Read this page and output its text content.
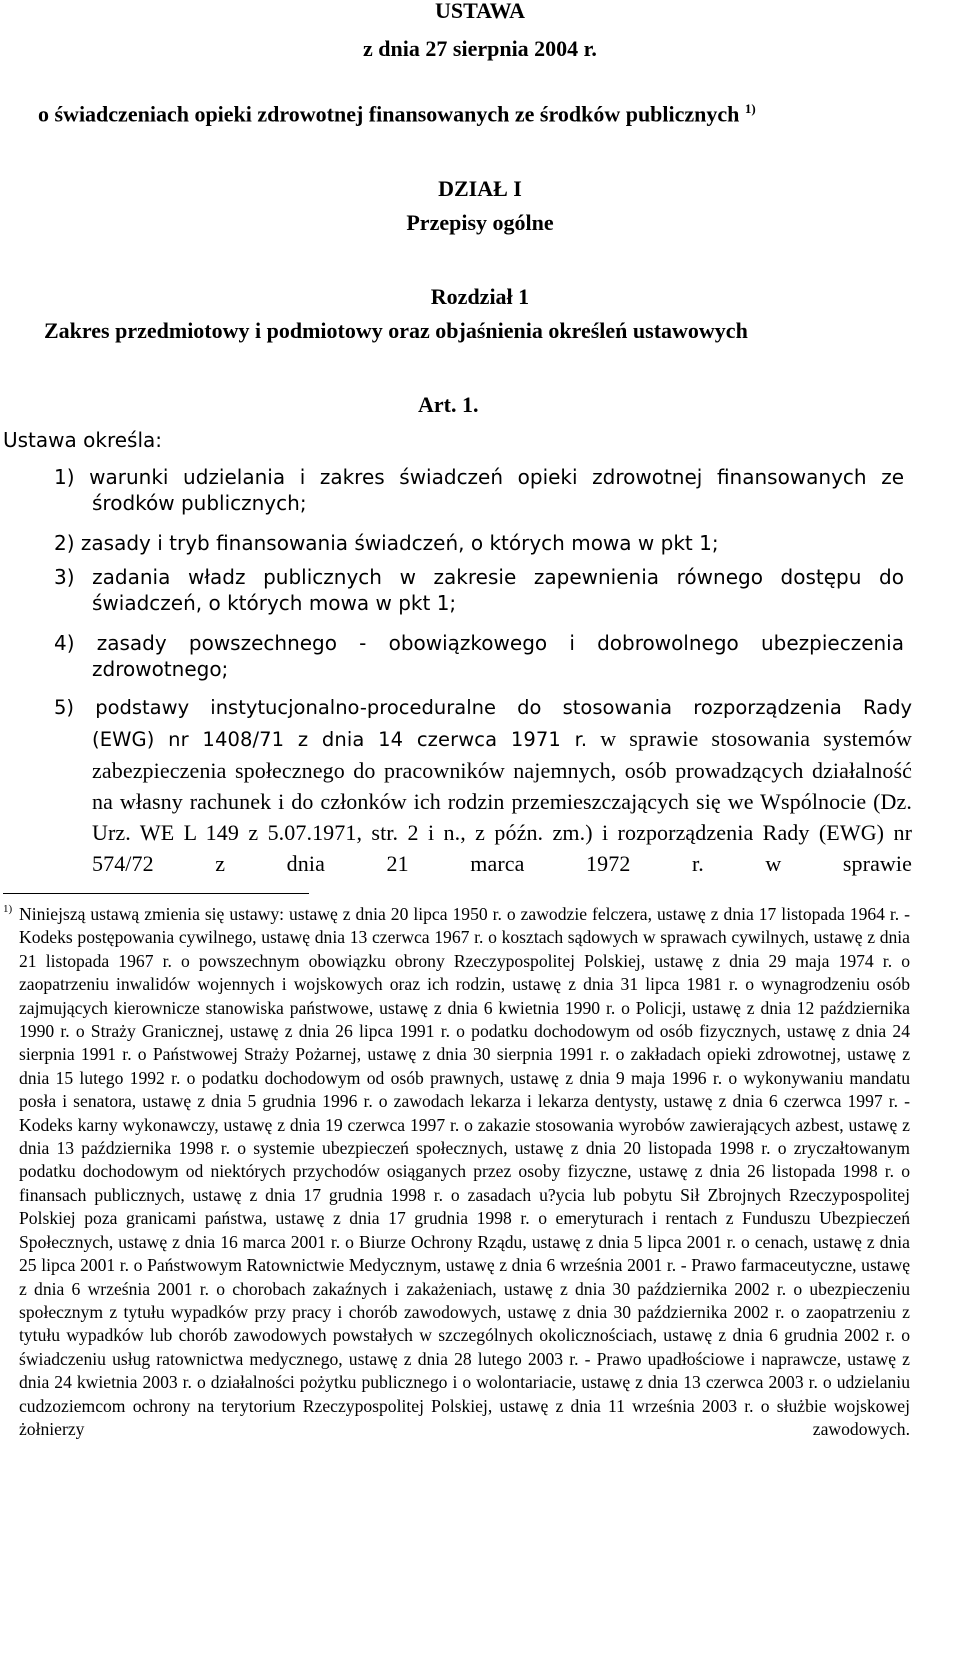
USTAWA
z dnia 27 sierpnia 2004 r.
o świadczeniach opieki zdrowotnej finansowanych ze środków publicznych $^{1)}$
DZIAŁ I
Przepisy ogólne
Rozdział 1
Zakres przedmiotowy i podmiotowy oraz objaśnienia określeń ustawowych
Art. 1.
Ustawa określa:
1) warunki udzielania i zakres świadczeń opieki zdrowotnej finansowanych ze środków publicznych;
2) zasady i tryb finansowania świadczeń, o których mowa w pkt 1;
3) zadania władz publicznych w zakresie zapewnienia równego dostępu do świadczeń, o których mowa w pkt 1;
4) zasady powszechnego - obowiązkowego i dobrowolnego ubezpieczenia zdrowotnego;
5) podstawy instytucjonalno-proceduralne do stosowania rozporządzenia Rady
(EWG) nr 1408/71 z dnia 14 czerwca 1971 r. w sprawie stosowania systemów zabezpieczenia społecznego do pracowników najemnych, osób prowadzących działalność na własny rachunek i do członków ich rodzin przemieszczających się we Wspólnocie (Dz. Urz. WE L 149 z 5.07.1971, str. 2 i n., z późn. zm.) i rozporządzenia Rady (EWG) nr 574/72 z dnia 21 marca 1972 r. w sprawie
1) Niniejszą ustawą zmienia się ustawy: ustawę z dnia 20 lipca 1950 r. o zawodzie felczera, ustawę z dnia 17 listopada 1964 r. - Kodeks postępowania cywilnego, ustawę dnia 13 czerwca 1967 r. o kosztach sądowych w sprawach cywilnych, ustawę z dnia 21 listopada 1967 r. o powszechnym obowiązku obrony Rzeczypospolitej Polskiej, ustawę z dnia 29 maja 1974 r. o zaopatrzeniu inwalidów wojennych i wojskowych oraz ich rodzin, ustawę z dnia 31 lipca 1981 r. o wynagrodzeniu osób zajmujących kierownicze stanowiska państwowe, ustawę z dnia 6 kwietnia 1990 r. o Policji, ustawę z dnia 12 października 1990 r. o Straży Granicznej, ustawę z dnia 26 lipca 1991 r. o podatku dochodowym od osób fizycznych, ustawę z dnia 24 sierpnia 1991 r. o Państwowej Straży Pożarnej, ustawę z dnia 30 sierpnia 1991 r. o zakładach opieki zdrowotnej, ustawę z dnia 15 lutego 1992 r. o podatku dochodowym od osób prawnych, ustawę z dnia 9 maja 1996 r. o wykonywaniu mandatu posła i senatora, ustawę z dnia 5 grudnia 1996 r. o zawodach lekarza i lekarza dentysty, ustawę z dnia 6 czerwca 1997 r. - Kodeks karny wykonawczy, ustawę z dnia 19 czerwca 1997 r. o zakazie stosowania wyrobów zawierających azbest, ustawę z dnia 13 października 1998 r. o systemie ubezpieczeń społecznych, ustawę z dnia 20 listopada 1998 r. o zryczałtowanym podatku dochodowym od niektórych przychodów osiąganych przez osoby fizyczne, ustawę z dnia 26 listopada 1998 r. o finansach publicznych, ustawę z dnia 17 grudnia 1998 r. o zasadach u?ycia lub pobytu Sił Zbrojnych Rzeczypospolitej Polskiej poza granicami państwa, ustawę z dnia 17 grudnia 1998 r. o emeryturach i rentach z Funduszu Ubezpieczeń Społecznych, ustawę z dnia 16 marca 2001 r. o Biurze Ochrony Rządu, ustawę z dnia 5 lipca 2001 r. o cenach, ustawę z dnia 25 lipca 2001 r. o Państwowym Ratownictwie Medycznym, ustawę z dnia 6 września 2001 r. - Prawo farmaceutyczne, ustawę z dnia 6 września 2001 r. o chorobach zakaźnych i zakażeniach, ustawę z dnia 30 października 2002 r. o ubezpieczeniu społecznym z tytułu wypadków przy pracy i chorób zawodowych, ustawę z dnia 30 października 2002 r. o zaopatrzeniu z tytułu wypadków lub chorób zawodowych powstałych w szczególnych okolicznościach, ustawę z dnia 6 grudnia 2002 r. o świadczeniu usług ratownictwa medycznego, ustawę z dnia 28 lutego 2003 r. - Prawo upadłościowe i naprawcze, ustawę z dnia 24 kwietnia 2003 r. o działalności pożytku publicznego i o wolontariacie, ustawę z dnia 13 czerwca 2003 r. o udzielaniu cudzoziemcom ochrony na terytorium Rzeczypospolitej Polskiej, ustawę z dnia 11 września 2003 r. o służbie wojskowej żołnierzy zawodowych.
